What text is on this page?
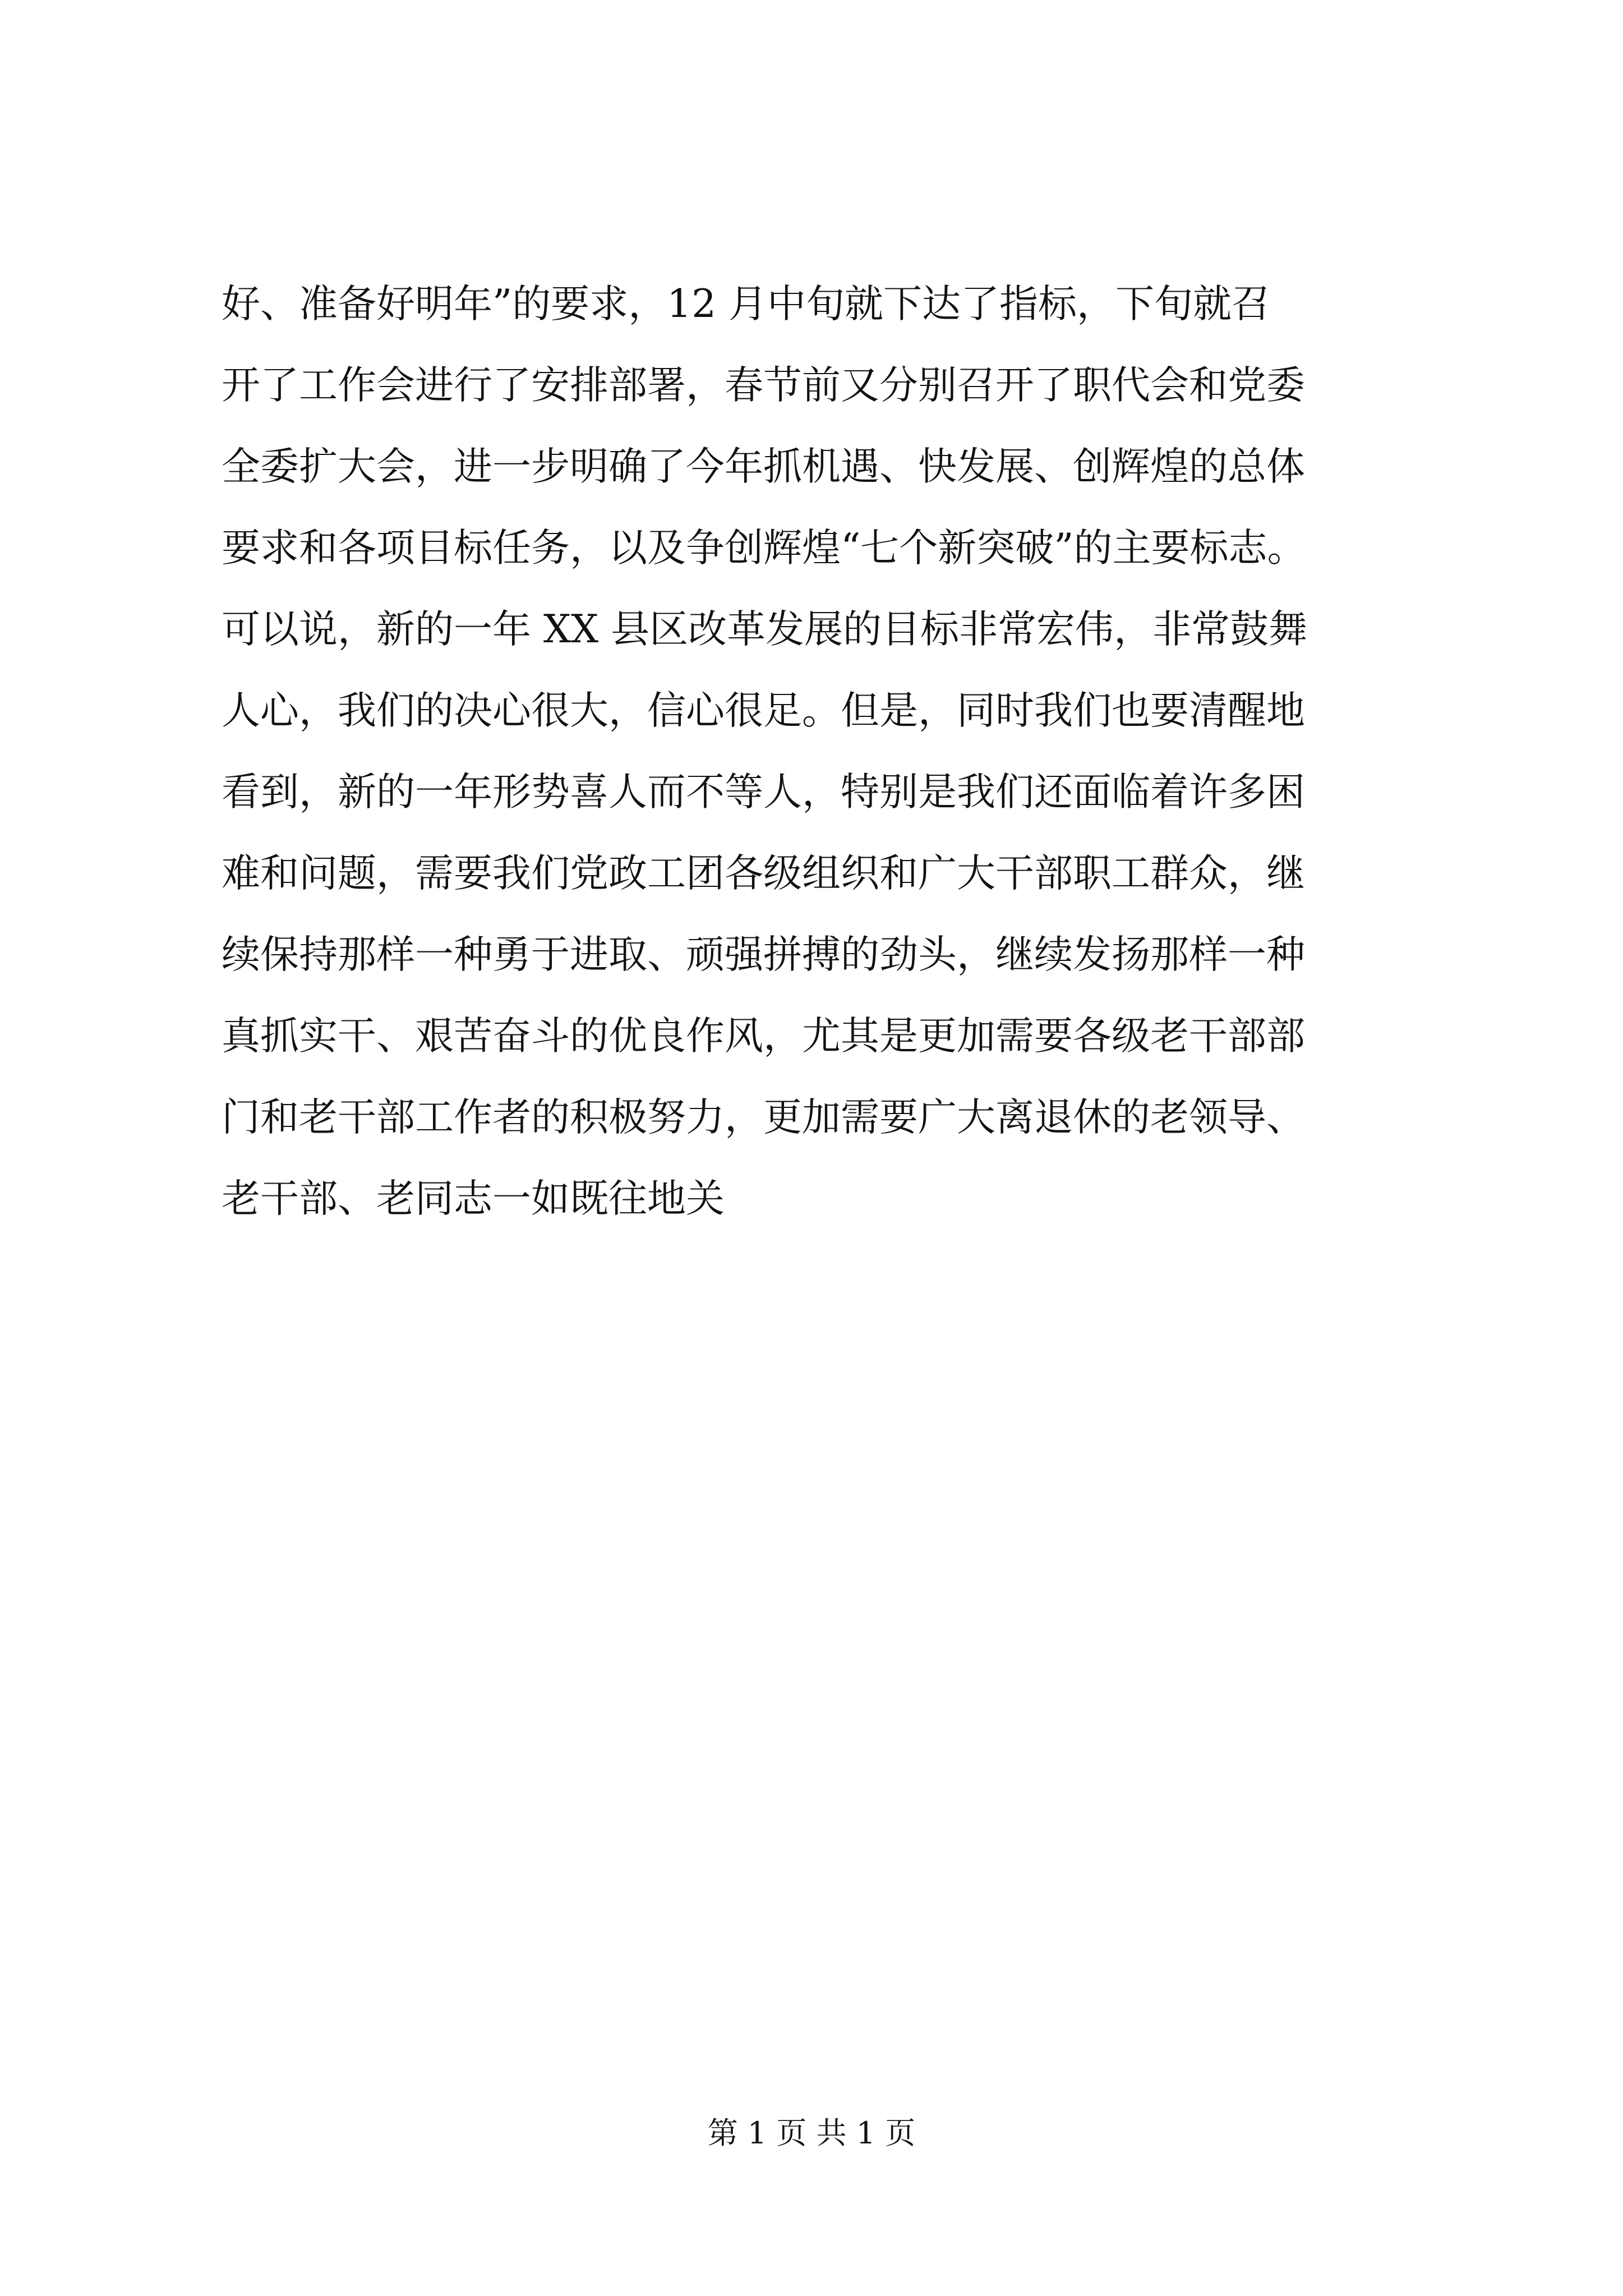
好、准备好明年”的要求，12 月中旬就下达了指标，下旬就召
开了工作会进行了安排部署，春节前又分别召开了职代会和党委
全委扩大会，进一步明确了今年抓机遇、快发展、创辉煌的总体
要求和各项目标任务，以及争创辉煌“七个新突破”的主要标志。
可以说，新的一年 XX 县区改革发展的目标非常宏伟，非常鼓舞
人心，我们的决心很大，信心很足。但是，同时我们也要清醒地
看到，新的一年形势喜人而不等人，特别是我们还面临着许多困
难和问题，需要我们党政工团各级组织和广大干部职工群众，继
续保持那样一种勇于进取、顽强拼搏的劲头，继续发扬那样一种
真抓实干、艰苦奋斗的优良作风，尤其是更加需要各级老干部部
门和老干部工作者的积极努力，更加需要广大离退休的老领导、
老干部、老同志一如既往地关
第 1 页 共 1 页
